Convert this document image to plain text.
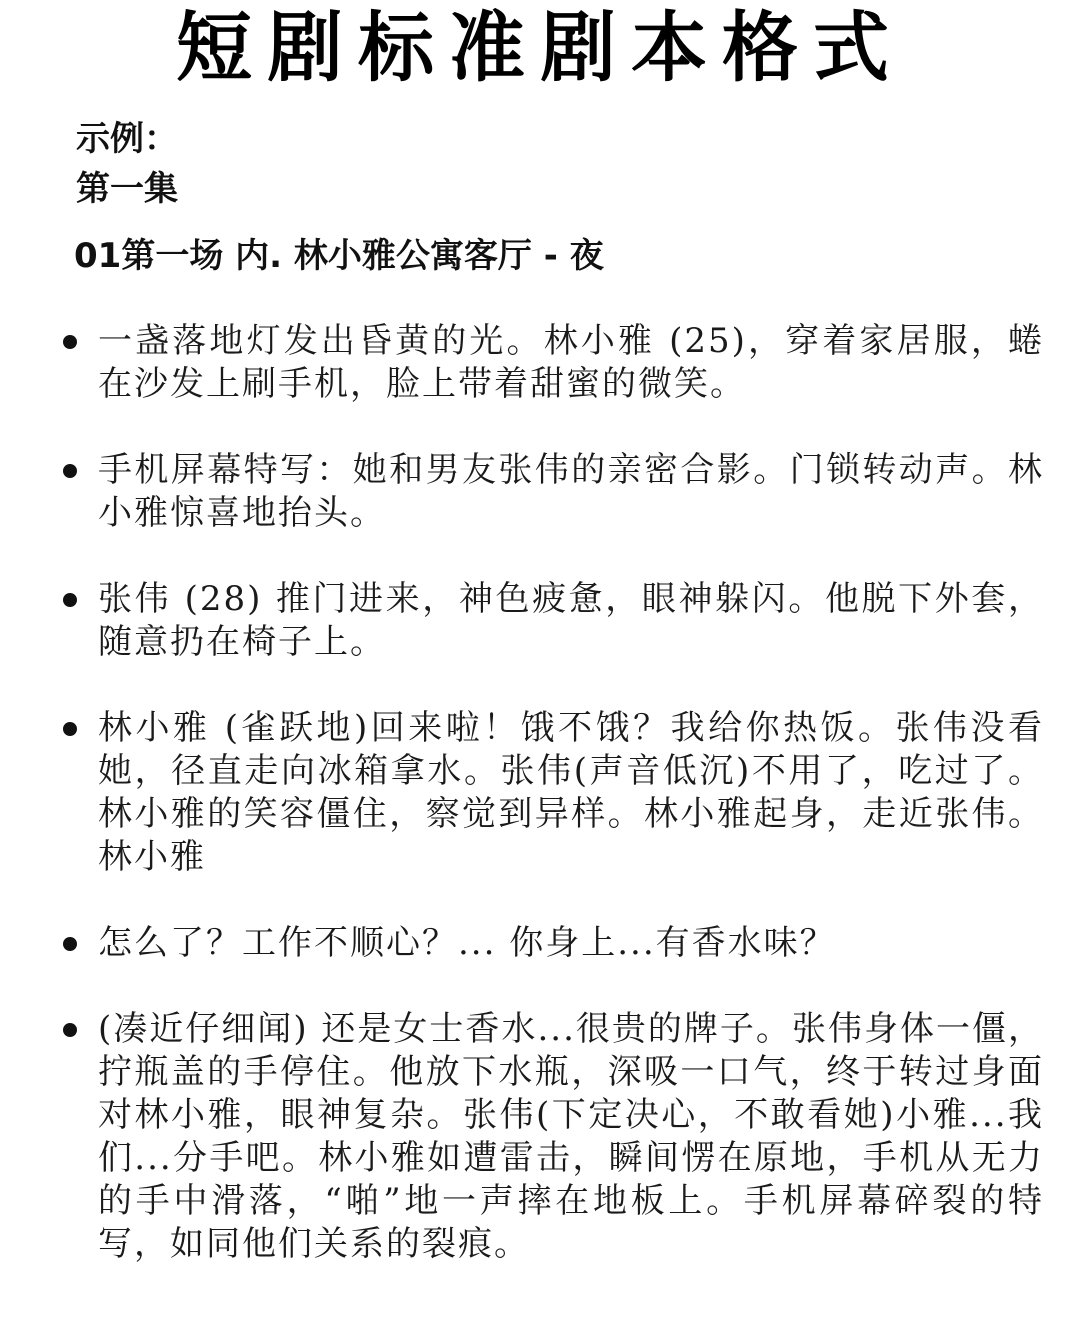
短剧标准剧本格式
示例：
第一集
01第一场 内. 林小雅公寓客厅 - 夜
一盏落地灯发出昏黄的光。林小雅 (25)，穿着家居服，蜷在沙发上刷手机，脸上带着甜蜜的微笑。
手机屏幕特写：她和男友张伟的亲密合影。门锁转动声。林小雅惊喜地抬头。
张伟 (28) 推门进来，神色疲惫，眼神躲闪。他脱下外套，随意扔在椅子上。
林小雅 (雀跃地)回来啦！饿不饿？我给你热饭。张伟没看她，径直走向冰箱拿水。张伟(声音低沉)不用了，吃过了。林小雅的笑容僵住，察觉到异样。林小雅起身，走近张伟。林小雅
怎么了？工作不顺心？... 你身上...有香水味？
(凑近仔细闻) 还是女士香水...很贵的牌子。张伟身体一僵，拧瓶盖的手停住。他放下水瓶，深吸一口气，终于转过身面对林小雅，眼神复杂。张伟(下定决心，不敢看她)小雅...我们...分手吧。林小雅如遭雷击，瞬间愣在原地，手机从无力的手中滑落，“啪”地一声摔在地板上。手机屏幕碎裂的特写，如同他们关系的裂痕。
